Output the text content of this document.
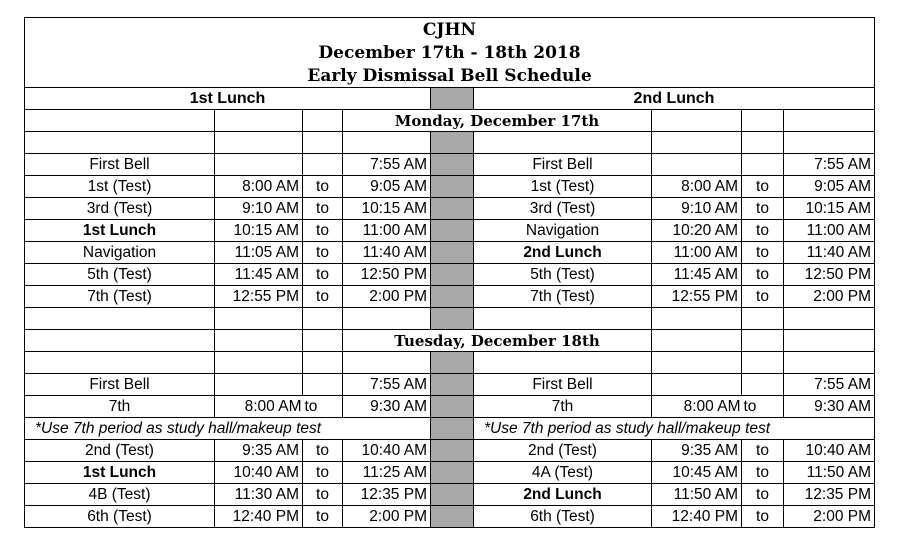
CJHN								
December 17th - 18th 2018								
Early Dismissal Bell Schedule								
1st Lunch					2nd Lunch			
			Monday, December 17th					

First Bell			7:55 AM		First Bell			7:55 AM
1st (Test)	8:00 AM	to	9:05 AM		1st (Test)	8:00 AM	to	9:05 AM
3rd (Test)	9:10 AM	to	10:15 AM		3rd (Test)	9:10 AM	to	10:15 AM
1st Lunch	10:15 AM	to	11:00 AM		Navigation	10:20 AM	to	11:00 AM
Navigation	11:05 AM	to	11:40 AM		2nd Lunch	11:00 AM	to	11:40 AM
5th (Test)	11:45 AM	to	12:50 PM		5th (Test)	11:45 AM	to	12:50 PM
7th (Test)	12:55 PM	to	2:00 PM		7th (Test)	12:55 PM	to	2:00 PM

			Tuesday, December 18th					

First Bell			7:55 AM		First Bell			7:55 AM
7th	8:00 AM	to	9:30 AM		7th	8:00 AM	to	9:30 AM
*Use 7th period as study hall/makeup test					*Use 7th period as study hall/makeup test			
2nd (Test)	9:35 AM	to	10:40 AM		2nd (Test)	9:35 AM	to	10:40 AM
1st Lunch	10:40 AM	to	11:25 AM		4A (Test)	10:45 AM	to	11:50 AM
4B (Test)	11:30 AM	to	12:35 PM		2nd Lunch	11:50 AM	to	12:35 PM
6th (Test)	12:40 PM	to	2:00 PM		6th (Test)	12:40 PM	to	2:00 PM
